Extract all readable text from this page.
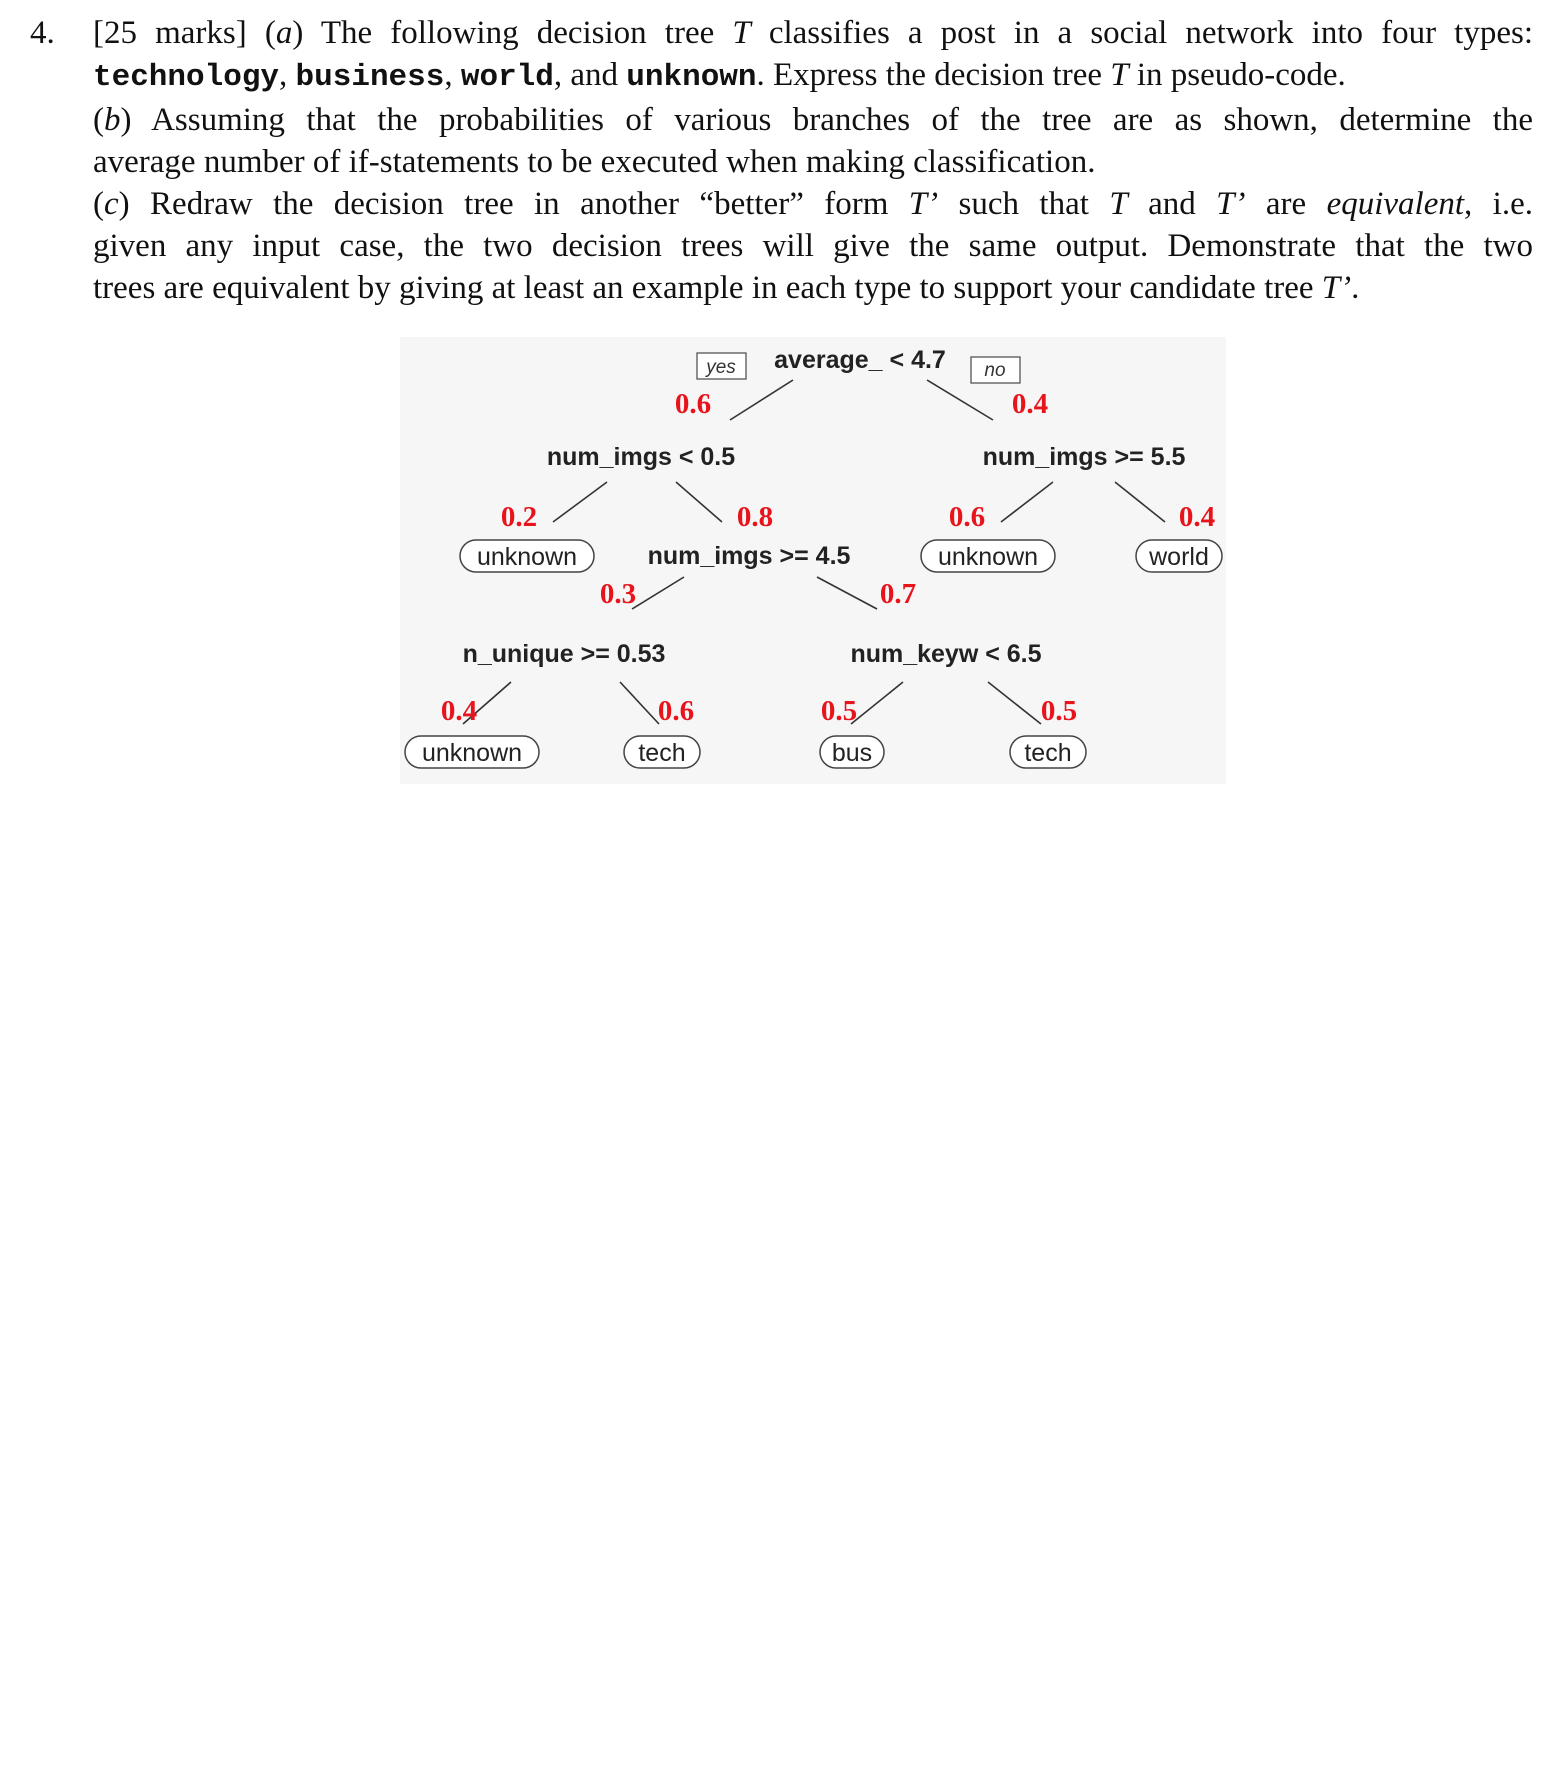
4. [25 marks] (a) The following decision tree T classifies a post in a social network into four types:
technology, business, world, and unknown. Express the decision tree T in pseudo-code.
(b) Assuming that the probabilities of various branches of the tree are as shown, determine the
average number of if-statements to be executed when making classification.
(c) Redraw the decision tree in another “better” form T’ such that T and T’ are equivalent, i.e.
given any input case, the two decision trees will give the same output. Demonstrate that the two
trees are equivalent by giving at least an example in each type to support your candidate tree T’.
yes	no
average_ < 4.7
num_imgs < 0.5	num_imgs >= 5.5
num_imgs >= 4.5
n_unique >= 0.53	num_keyw < 6.5
unknown	unknown	world
unknown	tech	bus	tech
0.6	0.4
0.2	0.8	0.6	0.4
0.3	0.7
0.4	0.6	0.5	0.5
